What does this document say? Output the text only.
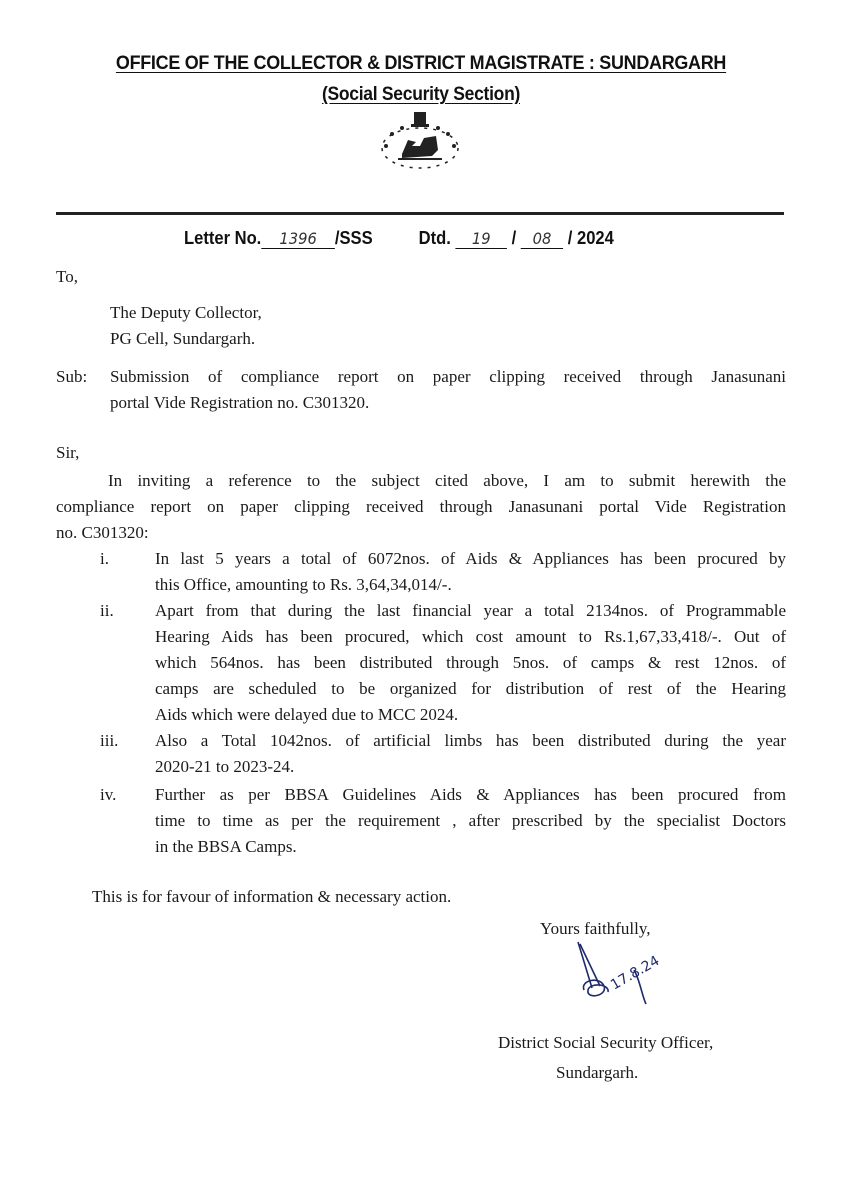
OFFICE OF THE COLLECTOR & DISTRICT MAGISTRATE : SUNDARGARH
(Social Security Section)
Letter No. 1396 /SSS	Dtd. 19 / 08 / 2024
To,
The Deputy Collector,
PG Cell, Sundargarh.
Sub: Submission of compliance report on paper clipping received through Janasunani
portal Vide Registration no. C301320.
Sir,
In inviting a reference to the subject cited above, I am to submit herewith the
compliance report on paper clipping received through Janasunani portal Vide Registration
no. C301320:
i.	In last 5 years a total of 6072nos. of Aids & Appliances has been procured by
this Office, amounting to Rs. 3,64,34,014/-.
ii. Apart from that during the last financial year a total 2134nos. of Programmable
Hearing Aids has been procured, which cost amount to Rs.1,67,33,418/-. Out of
which 564nos. has been distributed through 5nos. of camps & rest 12nos. of
camps are scheduled to be organized for distribution of rest of the Hearing
Aids which were delayed due to MCC 2024.
iii. Also a Total 1042nos. of artificial limbs has been distributed during the year
2020-21 to 2023-24.
iv. Further as per BBSA Guidelines Aids & Appliances has been procured from
time to time as per the requirement , after prescribed by the specialist Doctors
in the BBSA Camps.
This is for favour of information & necessary action.
Yours faithfully,
17.8.24
District Social Security Officer,
Sundargarh.
